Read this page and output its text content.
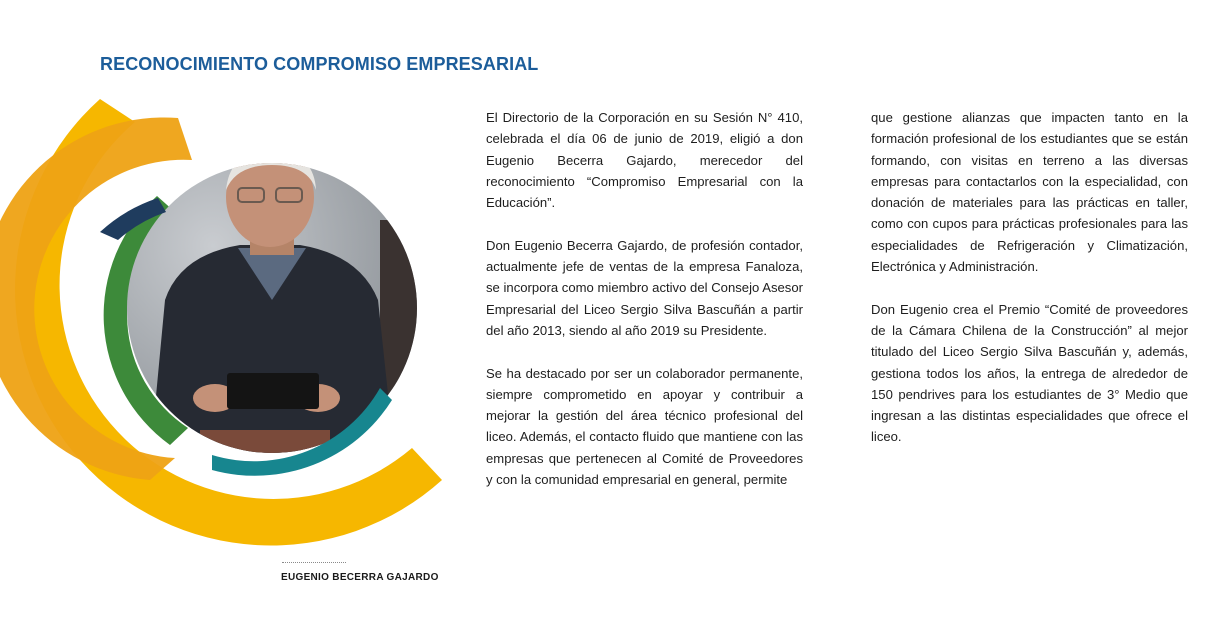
RECONOCIMIENTO COMPROMISO EMPRESARIAL
EUGENIO BECERRA GAJARDO

El Directorio de la Corporación en su Sesión N° 410, celebrada el día 06 de junio de 2019, eligió a don Eugenio Becerra Gajardo, merecedor del reconocimiento “Compromiso Empresarial con la Educación”.

Don Eugenio Becerra Gajardo, de profesión contador, actualmente jefe de ventas de la empresa Fanaloza, se incorpora como miembro activo del Consejo Asesor Empresarial del Liceo Sergio Silva Bascuñán a partir del año 2013, siendo al año 2019 su Presidente.

Se ha destacado por ser un colaborador permanente, siempre comprometido en apoyar y contribuir a mejorar la gestión del área técnico profesional del liceo. Además, el contacto fluido que mantiene con las empresas que pertenecen al Comité de Proveedores y con la comunidad empresarial en general, permite

que gestione alianzas que impacten tanto en la formación profesional de los estudiantes que se están formando, con visitas en terreno a las diversas empresas para contactarlos con la especialidad, con donación de materiales para las prácticas en taller, como con cupos para prácticas profesionales para las especialidades de Refrigeración y Climatización, Electrónica y Administración.

Don Eugenio crea el Premio “Comité de proveedores de la Cámara Chilena de la Construcción” al mejor titulado del Liceo Sergio Silva Bascuñán y, además, gestiona todos los años, la entrega de alrededor de 150 pendrives para los estudiantes de 3° Medio que ingresan a las distintas especialidades que ofrece el liceo.
